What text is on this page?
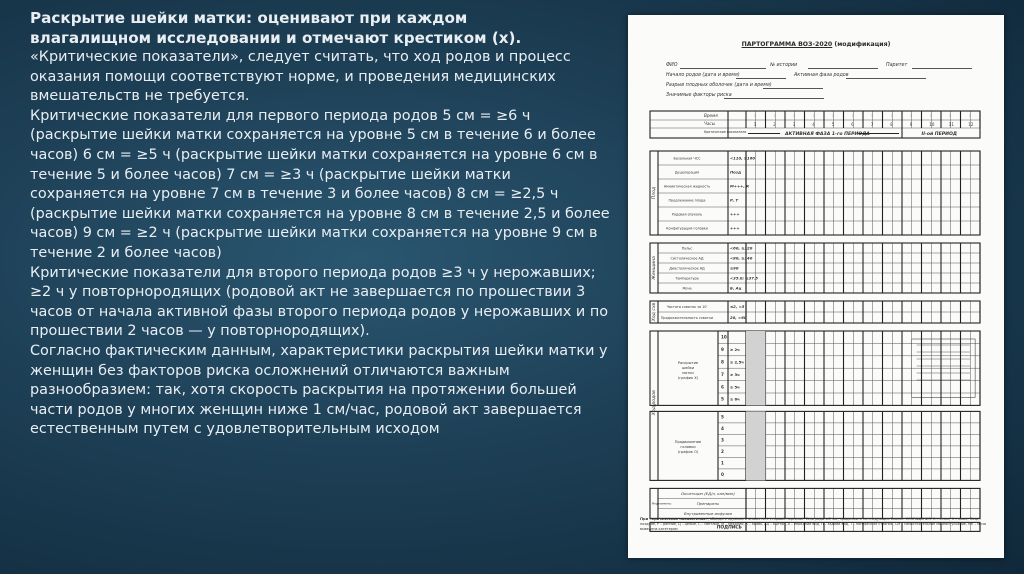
Раскрытие шейки матки: оценивают при каждом
влагалищном исследовании и отмечают крестиком (х).

«Критические показатели», следует считать, что ход родов и процесс оказания помощи соответствуют норме, и проведения медицинских вмешательств не требуется.

Критические показатели для первого периода родов 5 см = ≥6 ч (раскрытие шейки матки сохраняется на уровне 5 см в течение 6 и более часов) 6 см = ≥5 ч (раскрытие шейки матки сохраняется на уровне 6 см в течение 5 и более часов) 7 см = ≥3 ч (раскрытие шейки матки сохраняется на уровне 7 см в течение 3 и более часов) 8 см = ≥2,5 ч (раскрытие шейки матки сохраняется на уровне 8 см в течение 2,5 и более часов) 9 см = ≥2 ч (раскрытие шейки матки сохраняется на уровне 9 см в течение 2 и более часов)

Критические показатели для второго периода родов ≥3 ч у нерожавших; ≥2 ч у повторнородящих (родовой акт не завершается по прошествии 3 часов от начала активной фазы второго периода родов у нерожавших и по прошествии 2 часов — у повторнородящих).

Согласно фактическим данным, характеристики раскрытия шейки матки у женщин без факторов риска осложнений отличаются важным разнообразием: так, хотя скорость раскрытия на протяжении большей части родов у многих женщин ниже 1 см/час, родовой акт завершается естественным путем с удовлетворительным исходом

ПАРТОГРАММА ВОЗ-2020 (модификация)
ФИО	№ истории	Паритет
Начало родов (дата и время)	Активная фаза родов
Разрыв плодных оболочек (дата и время)
Значимые факторы риска
Время
Часы
Критические показатели
:	:	:	:	:	:	:	:	:	:	:	:
1	2	3	4	5	6	7	8	9	10	11	12
АКТИВНАЯ ФАЗА 1-го ПЕРИОДА	II-ой ПЕРИОД
Плод
Базальная ЧСС	<110, ≥160
Децелерация	Позд
Амниотическая жидкость	М+++, К
Предлежание плода	Р, Т
Родовая опухоль	+++
Конфигурация головки	+++
Женщина
Пульс	<60, ≥120
Систолическое АД	<80, ≥140
Диастолическое АД	≥90
Температура	<35.0; ≥37.5
Моча	Б, Ац
Ход схв	Частота схваток за 10'	≤2, >5
Продолжительность схватки	20, >60
10
9 ≥ 2ч
8 ≥ 2,5ч
7 ≥ 3ч
6 ≥ 5ч
5 ≥ 6ч
Ход родов
Раскрытие
шейки
матки
(график Х)
5
4
3
2
1
0
Продвижение
головки
(график О)
Окситоцин (ЕД/л, кап/мин)
Препараты
Внутривенные инфузии
Медикаменты
ПОДПИСЬ
При «критических показателях», обведите кружком и оповестите старший персонал! Если роды ≥8 час, продолжите на следующем бланке. СОКРАЩЕНИЯ: О – отказ, Н – ниже, Позд – поздние, Р – ранние, Ц – целые, С – светлые, М – меконий, К – кровь, Ац – ацетон, А – передний вид, П – задний вид, Т – поперечное стояние, СМ – самостоятельное мочеиспускание, МК – моча выведена катетером
